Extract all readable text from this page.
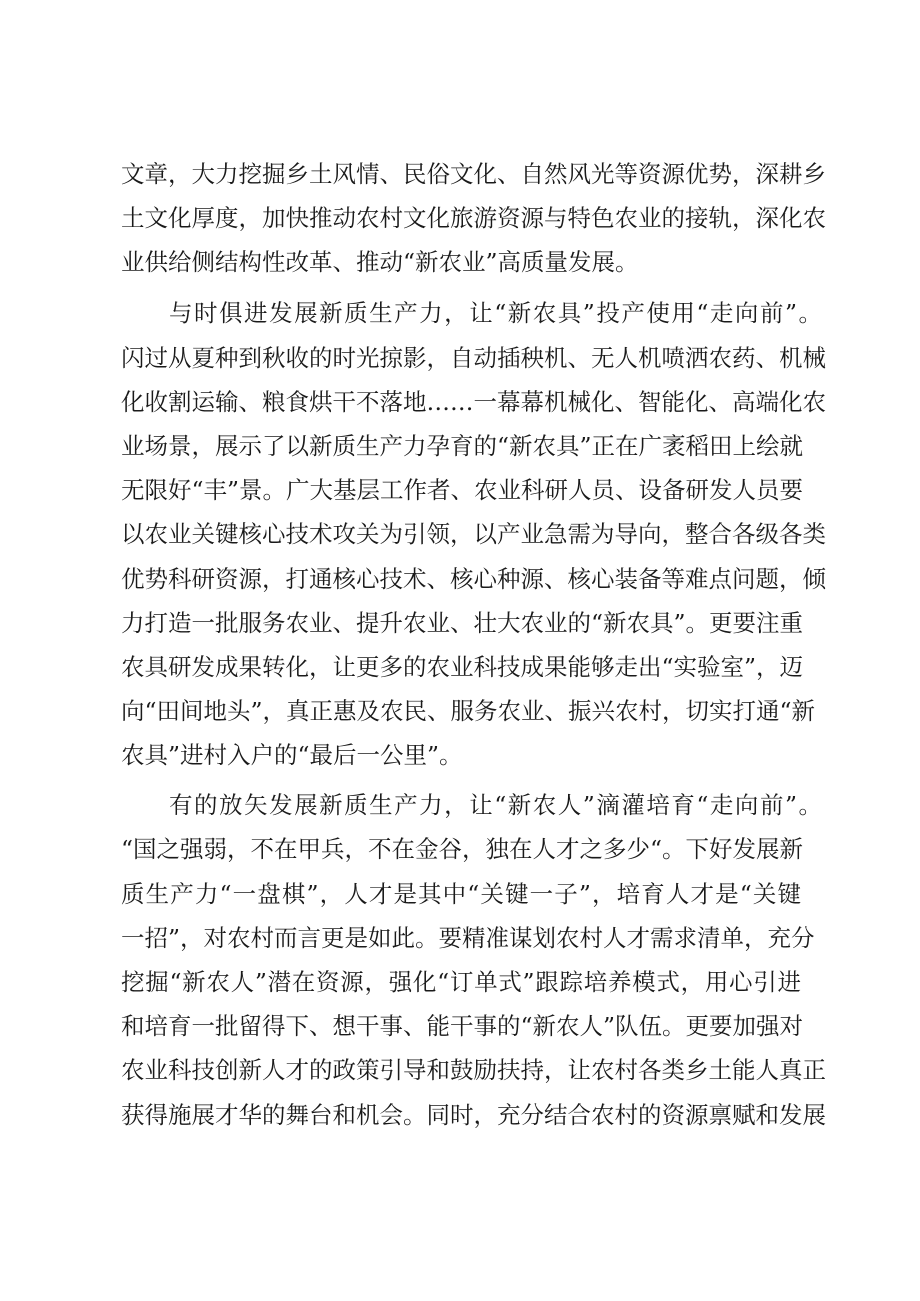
文章，大力挖掘乡土风情、民俗文化、自然风光等资源优势，深耕乡
土文化厚度，加快推动农村文化旅游资源与特色农业的接轨，深化农
业供给侧结构性改革、推动“新农业”高质量发展。
与时俱进发展新质生产力，让“新农具”投产使用“走向前”。
闪过从夏种到秋收的时光掠影，自动插秧机、无人机喷洒农药、机械
化收割运输、粮食烘干不落地……一幕幕机械化、智能化、高端化农
业场景，展示了以新质生产力孕育的“新农具”正在广袤稻田上绘就
无限好“丰”景。广大基层工作者、农业科研人员、设备研发人员要
以农业关键核心技术攻关为引领，以产业急需为导向，整合各级各类
优势科研资源，打通核心技术、核心种源、核心装备等难点问题，倾
力打造一批服务农业、提升农业、壮大农业的“新农具”。更要注重
农具研发成果转化，让更多的农业科技成果能够走出“实验室”，迈
向“田间地头”，真正惠及农民、服务农业、振兴农村，切实打通“新
农具”进村入户的“最后一公里”。
有的放矢发展新质生产力，让“新农人”滴灌培育“走向前”。
“国之强弱，不在甲兵，不在金谷，独在人才之多少“。下好发展新
质生产力“一盘棋”，人才是其中“关键一子”，培育人才是“关键
一招”，对农村而言更是如此。要精准谋划农村人才需求清单，充分
挖掘“新农人”潜在资源，强化“订单式”跟踪培养模式，用心引进
和培育一批留得下、想干事、能干事的“新农人”队伍。更要加强对
农业科技创新人才的政策引导和鼓励扶持，让农村各类乡土能人真正
获得施展才华的舞台和机会。同时，充分结合农村的资源禀赋和发展
